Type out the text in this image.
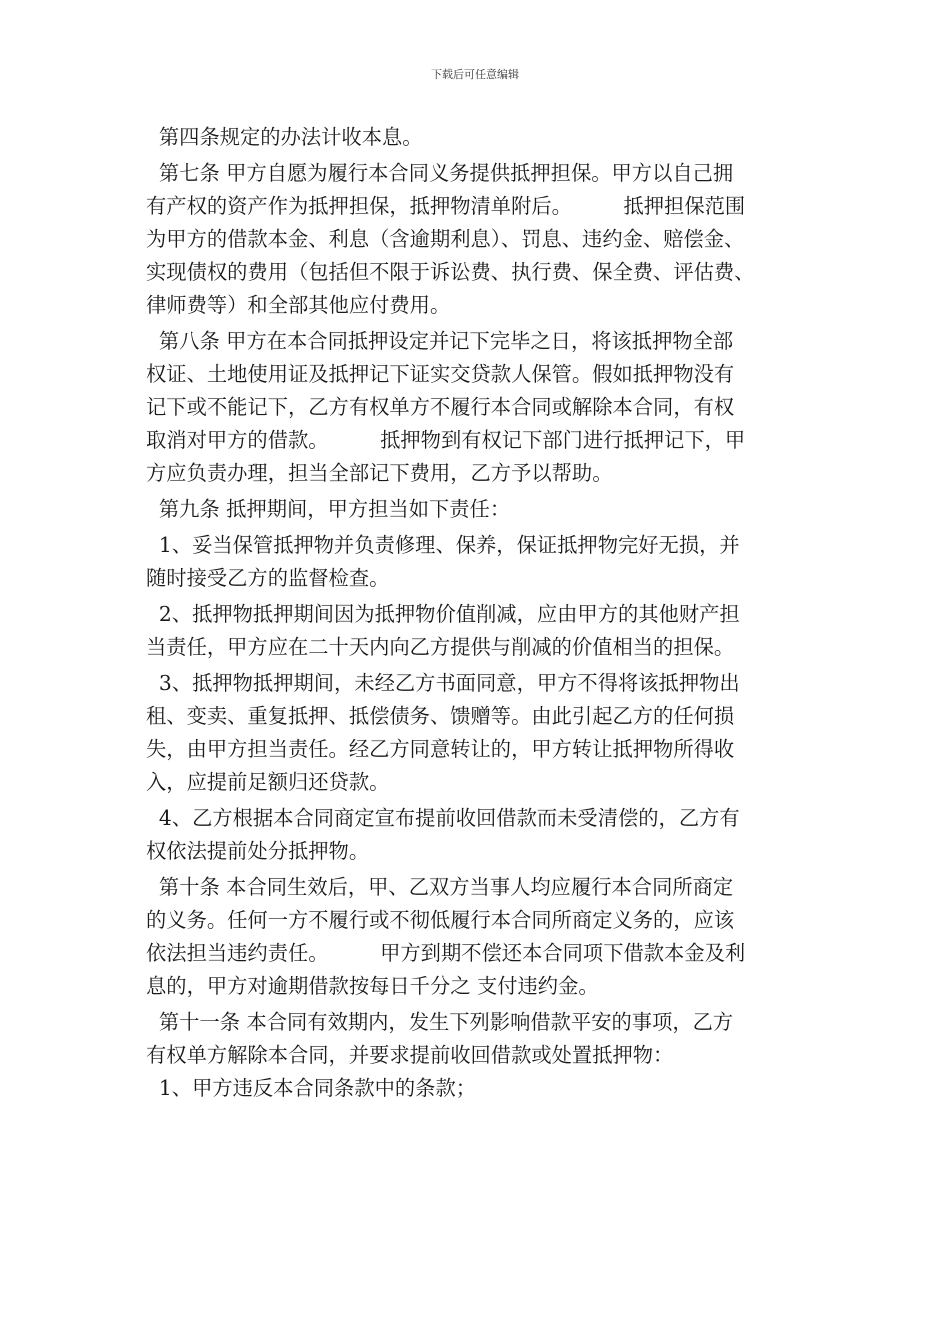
下载后可任意编辑
第四条规定的办法计收本息。
第七条 甲方自愿为履行本合同义务提供抵押担保。甲方以自己拥
有产权的资产作为抵押担保，抵押物清单附后。        抵押担保范围
为甲方的借款本金、利息（含逾期利息）、罚息、违约金、赔偿金、
实现债权的费用（包括但不限于诉讼费、执行费、保全费、评估费、
律师费等）和全部其他应付费用。
第八条 甲方在本合同抵押设定并记下完毕之日，将该抵押物全部
权证、土地使用证及抵押记下证实交贷款人保管。假如抵押物没有
记下或不能记下，乙方有权单方不履行本合同或解除本合同，有权
取消对甲方的借款。        抵押物到有权记下部门进行抵押记下，甲
方应负责办理，担当全部记下费用，乙方予以帮助。
第九条 抵押期间，甲方担当如下责任：
1、妥当保管抵押物并负责修理、保养，保证抵押物完好无损，并
随时接受乙方的监督检查。
2、抵押物抵押期间因为抵押物价值削减，应由甲方的其他财产担
当责任，甲方应在二十天内向乙方提供与削减的价值相当的担保。
3、抵押物抵押期间，未经乙方书面同意，甲方不得将该抵押物出
租、变卖、重复抵押、抵偿债务、馈赠等。由此引起乙方的任何损
失，由甲方担当责任。经乙方同意转让的，甲方转让抵押物所得收
入，应提前足额归还贷款。
4、乙方根据本合同商定宣布提前收回借款而未受清偿的，乙方有
权依法提前处分抵押物。
第十条 本合同生效后，甲、乙双方当事人均应履行本合同所商定
的义务。任何一方不履行或不彻低履行本合同所商定义务的，应该
依法担当违约责任。        甲方到期不偿还本合同项下借款本金及利
息的，甲方对逾期借款按每日千分之 支付违约金。
第十一条 本合同有效期内，发生下列影响借款平安的事项，乙方
有权单方解除本合同，并要求提前收回借款或处置抵押物：
1、甲方违反本合同条款中的条款；
